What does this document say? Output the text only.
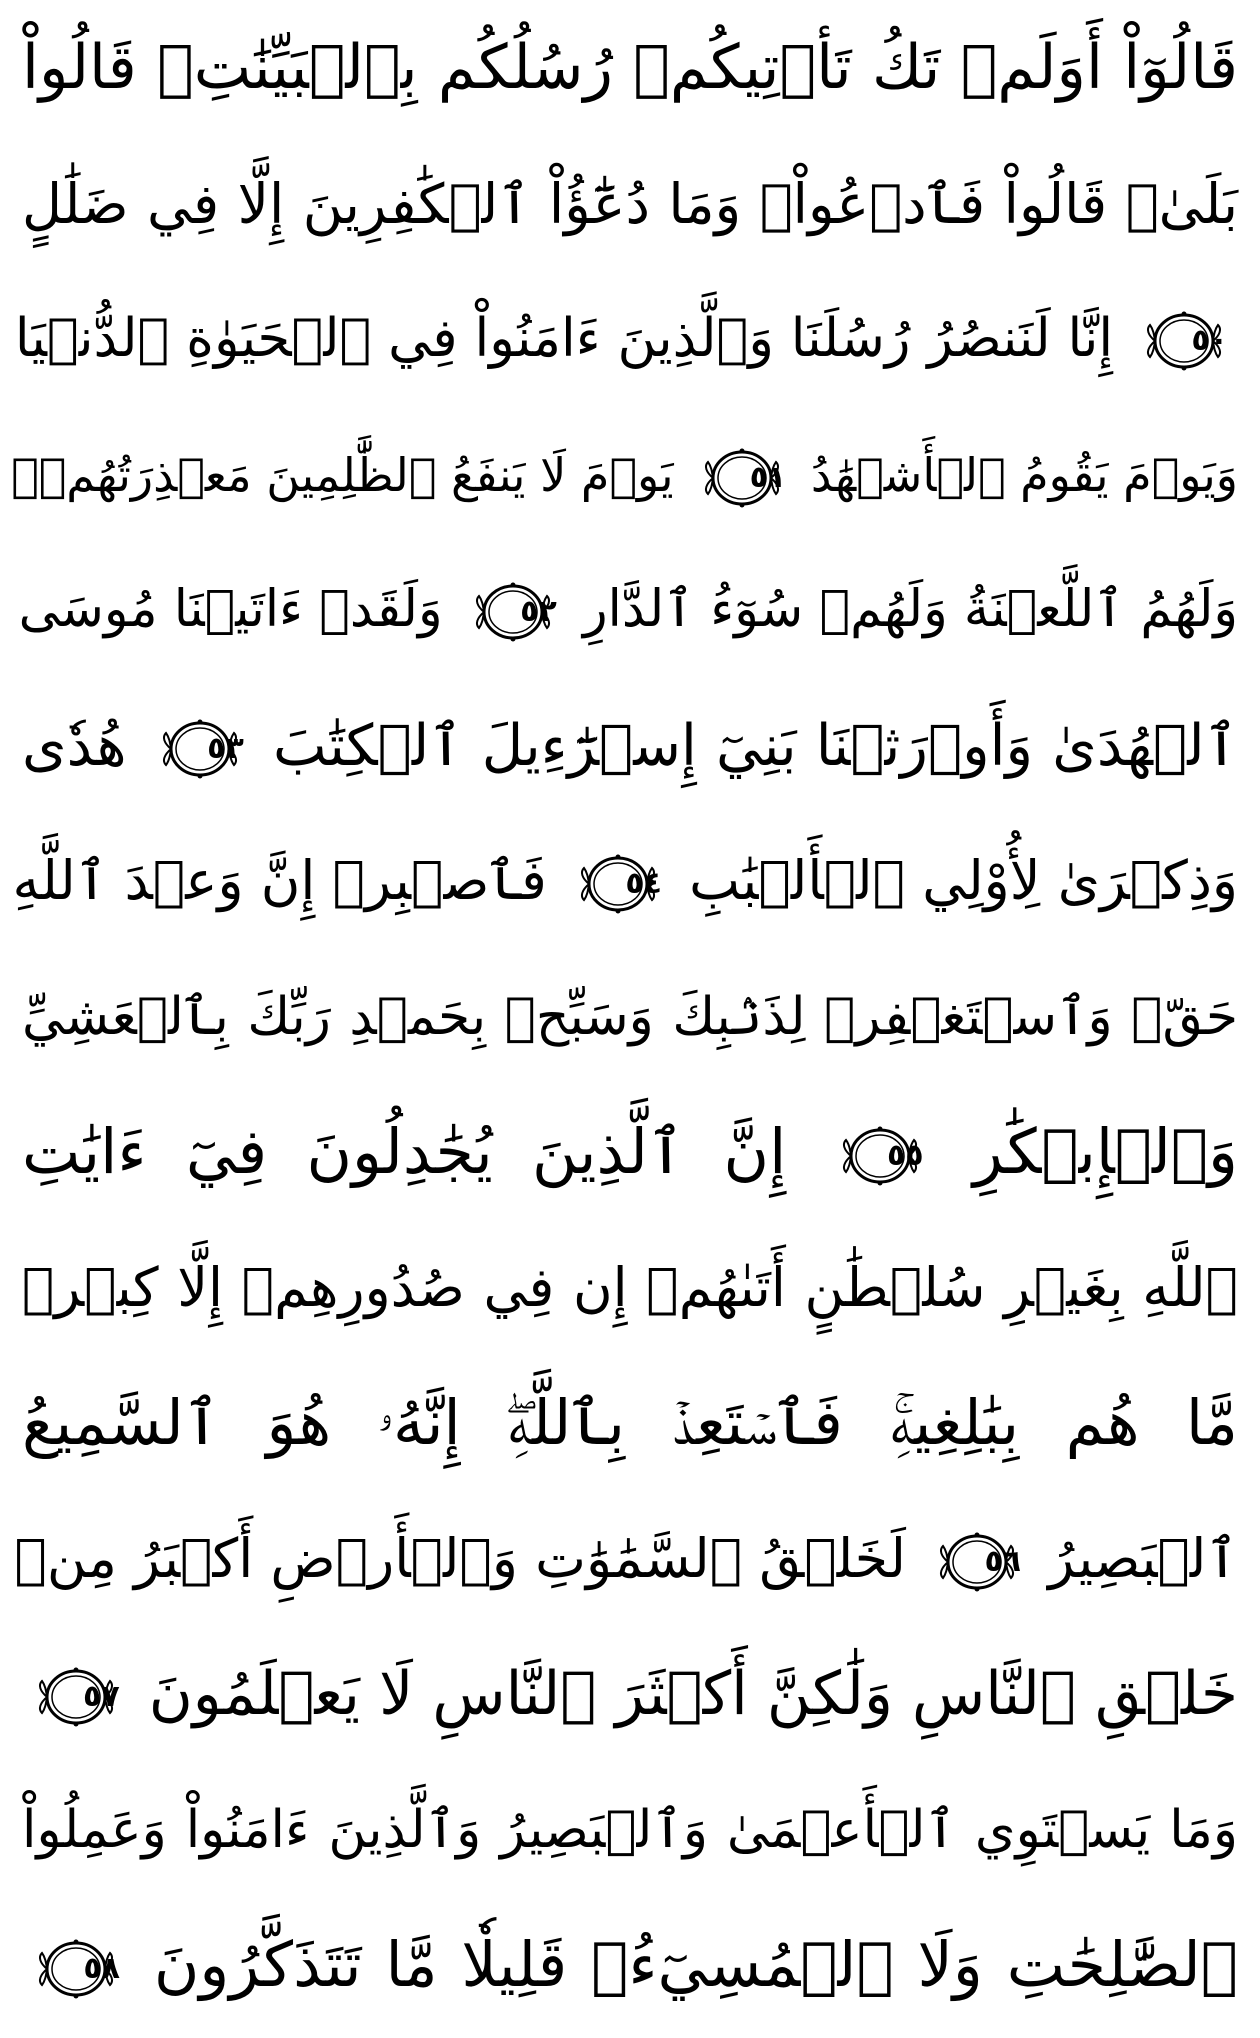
قَالُوٓاْ أَوَلَمۡ تَكُ تَأۡتِيكُمۡ رُسُلُكُم بِٱلۡبَيِّنَٰتِۖ قَالُواْ
بَلَىٰۚ قَالُواْ فَٱدۡعُواْۗ وَمَا دُعَٰٓؤُاْ ٱلۡكَٰفِرِينَ إِلَّا فِي ضَلَٰلٍ
٥٠
إِنَّا لَنَنصُرُ رُسُلَنَا وَٱلَّذِينَ ءَامَنُواْ فِي ٱلۡحَيَوٰةِ ٱلدُّنۡيَا
وَيَوۡمَ يَقُومُ ٱلۡأَشۡهَٰدُ
٥١
يَوۡمَ لَا يَنفَعُ ٱلظَّٰلِمِينَ مَعۡذِرَتُهُمۡۖ
وَلَهُمُ ٱللَّعۡنَةُ وَلَهُمۡ سُوٓءُ ٱلدَّارِ
٥٢
وَلَقَدۡ ءَاتَيۡنَا مُوسَى
ٱلۡهُدَىٰ وَأَوۡرَثۡنَا بَنِيٓ إِسۡرَٰٓءِيلَ ٱلۡكِتَٰبَ
٥٣
هُدٗى
وَذِكۡرَىٰ لِأُوْلِي ٱلۡأَلۡبَٰبِ
٥٤
فَٱصۡبِرۡ إِنَّ وَعۡدَ ٱللَّهِ
حَقّٞ وَٱسۡتَغۡفِرۡ لِذَنۢبِكَ وَسَبِّحۡ بِحَمۡدِ رَبِّكَ بِٱلۡعَشِيِّ
وَٱلۡإِبۡكَٰرِ
٥٥
إِنَّ ٱلَّذِينَ يُجَٰدِلُونَ فِيٓ ءَايَٰتِ
ٱللَّهِ بِغَيۡرِ سُلۡطَٰنٍ أَتَىٰهُمۡ إِن فِي صُدُورِهِمۡ إِلَّا كِبۡرٞ
مَّا هُم بِبَٰلِغِيهِۚ فَٱسۡتَعِذۡ بِٱللَّهِۖ إِنَّهُۥ هُوَ ٱلسَّمِيعُ
ٱلۡبَصِيرُ
٥٦
لَخَلۡقُ ٱلسَّمَٰوَٰتِ وَٱلۡأَرۡضِ أَكۡبَرُ مِنۡ
خَلۡقِ ٱلنَّاسِ وَلَٰكِنَّ أَكۡثَرَ ٱلنَّاسِ لَا يَعۡلَمُونَ
٥٧
وَمَا يَسۡتَوِي ٱلۡأَعۡمَىٰ وَٱلۡبَصِيرُ وَٱلَّذِينَ ءَامَنُواْ وَعَمِلُواْ
ٱلصَّٰلِحَٰتِ وَلَا ٱلۡمُسِيٓءُۚ قَلِيلٗا مَّا تَتَذَكَّرُونَ
٥٨
